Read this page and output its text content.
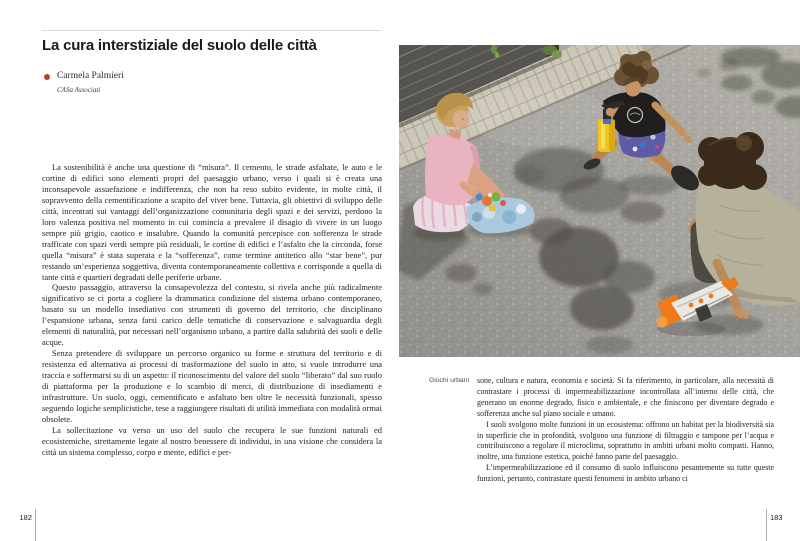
La cura interstiziale del suolo delle città
Carmela Palmieri
CASa Associati

La sostenibilità è anche una questione di “misura”. Il cemento, le strade asfaltate, le auto e le cortine di edifici sono elementi propri del paesaggio urbano, verso i quali si è creata una inconsapevole assuefazione e indifferenza, che non ha reso subito evidente, in molte città, il sopravvento della cementificazione a scapito del viver bene. Tuttavia, gli obiettivi di sviluppo delle città, incentrati sui vantaggi dell’organizzazione comunitaria degli spazi e dei servizi, perdono la loro valenza positiva nel momento in cui comincia a prevalere il disagio di vivere in un luogo sempre più grigio, caotico e insalubre. Quando la comunità percepisce con sofferenza le strade trafficate con spazi verdi sempre più residuali, le cortine di edifici e l’asfalto che la circonda, forse quella “misura” è stata superata e la “sofferenza”, come termine antitetico allo “star bene”, pur restando un’esperienza soggettiva, diventa contemporaneamente collettiva e corrisponde a quella di tante città e quartieri degradati delle periferie urbane.

Questo passaggio, attraverso la consapevolezza del contesto, si rivela anche più radicalmente significativo se ci porta a cogliere la drammatica condizione del sistema urbano contemporaneo, basato su un modello insediativo con strumenti di governo del territorio, che disciplinano l’espansione urbana, senza farsi carico delle tematiche di conservazione e salvaguardia degli elementi di naturalità, pur necessari nell’organismo urbano, a partire dalla salubrità dei suoli e delle acque.

Senza pretendere di sviluppare un percorso organico su forme e struttura del territorio e di resistenza ed alternativa ai processi di trasformazione del suolo in atto, si vuole introdurre una traccia e soffermarsi su di un aspetto: il riconoscimento del valore del suolo “liberato” dal suo ruolo di piattaforma per la produzione e lo scambio di merci, di distribuzione di insediamenti e infrastrutture. Un suolo, oggi, cementificato e asfaltato ben oltre le necessità funzionali, spesso seguendo logiche semplicistiche, tese a raggiungere risultati di utilità immediata con modalità ormai obsolete.

La sollecitazione va verso un uso del suolo che recupera le sue funzioni naturali ed ecosistemiche, strettamente legate al nostro benessere di individui, in una visione che considera la città un sistema complesso, corpo e mente, edifici e per-

182
Giochi urbani sone, cultura e natura, economia e società. Si fa riferimento, in particolare, alla necessità di contrastare i processi di impermeabilizzazione incontrollata all’interno delle città, che generano un enorme degrado, fisico e ambientale, e che finiscono per diventare degrado e sofferenza anche sul piano sociale e umano.

I suoli svolgono molte funzioni in un ecosistema: offrono un habitat per la biodiversità sia in superficie che in profondità, svolgono una funzione di filtraggio e tampone per l’acqua e contribuiscono a regolare il microclima, soprattutto in ambiti urbani molto compatti. Hanno, inoltre, una funzione estetica, poiché fanno parte del paesaggio.

L’impermeabilizzazione ed il consumo di suolo influiscono pesantemente su tutte queste funzioni, pertanto, contrastare questi fenomeni in ambito urbano ci

183
